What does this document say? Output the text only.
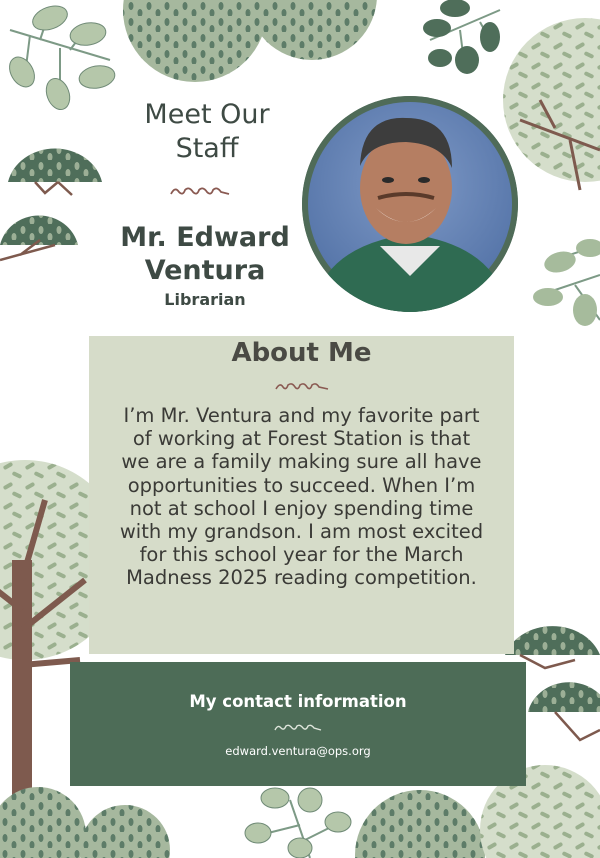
Meet Our
Staff
Mr. Edward
Ventura
Librarian
About Me
I’m Mr. Ventura and my favorite part
of working at Forest Station is that
we are a family making sure all have
opportunities to succeed. When I’m
not at school I enjoy spending time
with my grandson. I am most excited
for this school year for the March
Madness 2025 reading competition.
My contact information
edward.ventura@ops.org
